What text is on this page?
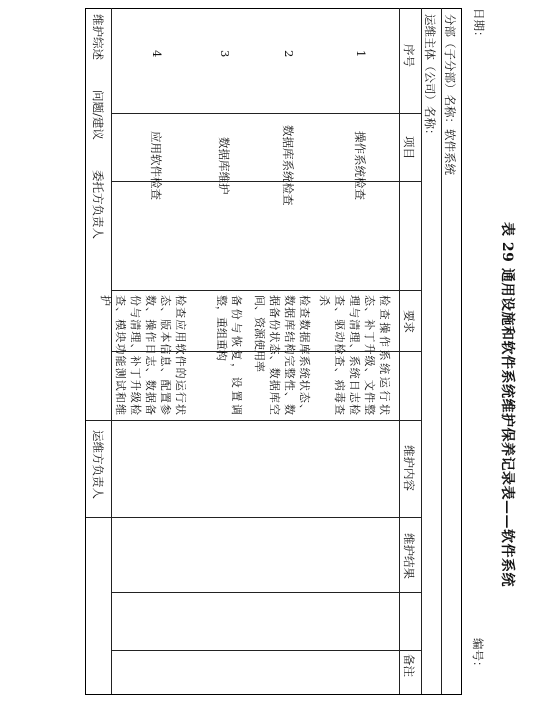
日期：
表 29
通用设施和软件系统维护保养记录表——软件系统
编号：
分部（子分部）名称：软件系统
运维主体（公司）名称：
序号
项目
要求
维护内容
维护结果
备注
1
2
3
4
操作系统检查
数据库系统检查
数据库维护
应用软件检查
检查操作系统运行状态、补丁升级、文件整理与清理、系统日志检查、驱动检查、病毒查杀
检查数据库系统状态、数据库结构完整性、数据备份状态、数据库空间、资源使用率
备份与恢复，设置调整，重组重构
检查应用软件的运行状态、版本信息、配置参数、操作日志、数据备份与清理、补丁升级检查、模块功能测试和维护
维护综述
问题/建议
委托方负责人
运维方负责人
